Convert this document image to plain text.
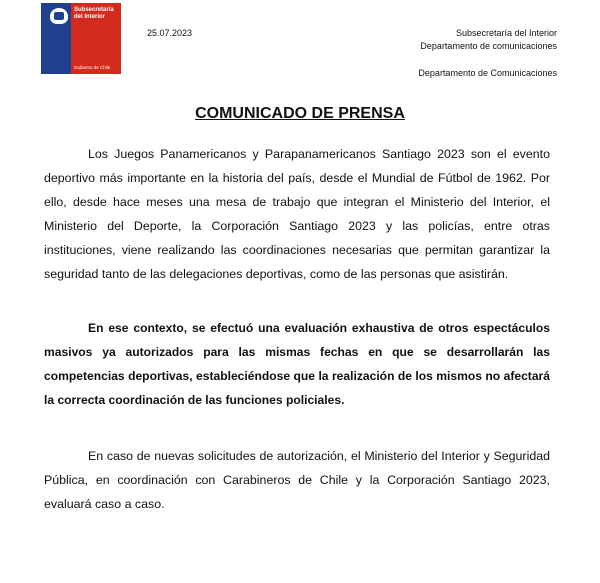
Subsecretaría del Interior
Gobierno de Chile
25.07.2023	Subsecretaría del Interior
Departamento de comunicaciones
Departamento de Comunicaciones
COMUNICADO DE PRENSA

Los Juegos Panamericanos y Parapanamericanos Santiago 2023 son el evento deportivo más importante en la historia del país, desde el Mundial de Fútbol de 1962. Por ello, desde hace meses una mesa de trabajo que integran el Ministerio del Interior, el Ministerio del Deporte, la Corporación Santiago 2023 y las policías, entre otras instituciones, viene realizando las coordinaciones necesarias que permitan garantizar la seguridad tanto de las delegaciones deportivas, como de las personas que asistirán.

En ese contexto, se efectuó una evaluación exhaustiva de otros espectáculos masivos ya autorizados para las mismas fechas en que se desarrollarán las competencias deportivas, estableciéndose que la realización de los mismos no afectará la correcta coordinación de las funciones policiales.

En caso de nuevas solicitudes de autorización, el Ministerio del Interior y Seguridad Pública, en coordinación con Carabineros de Chile y la Corporación Santiago 2023, evaluará caso a caso.
